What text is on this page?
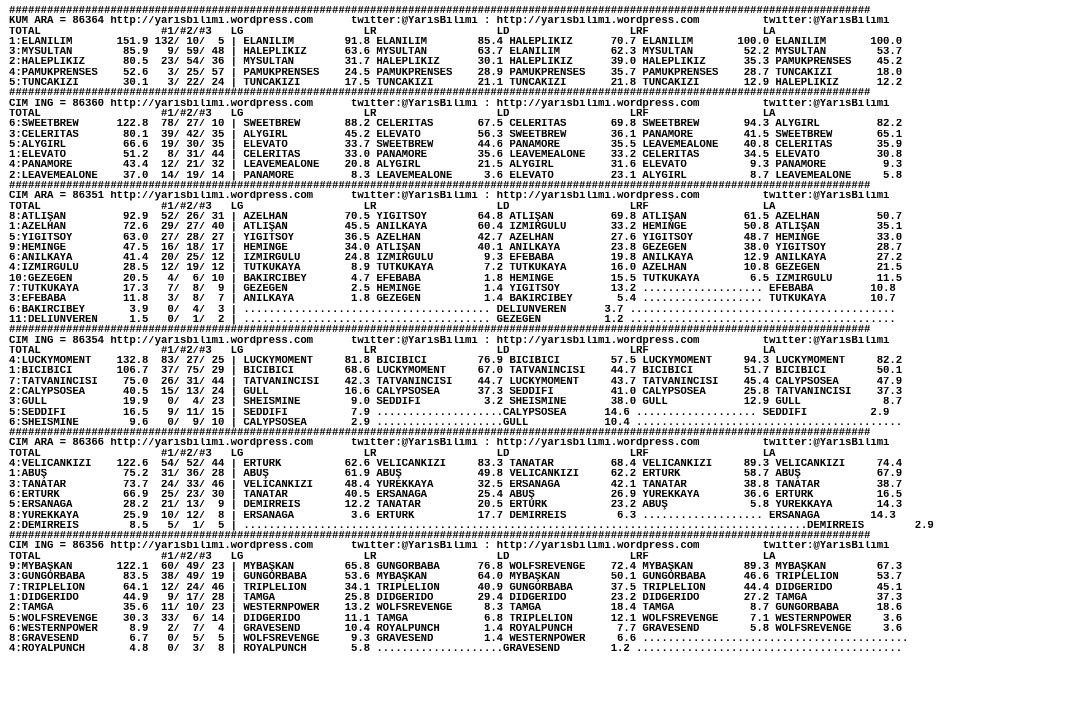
########################################################################################################################################
KUM ARA = 86364 http://yarisbilimi.wordpress.com      twitter:@YarisBilimi : http://yarisbilimi.wordpress.com          twitter:@YarisBilimi
TOTAL                   #1/#2/#3   LG                   LR                   LD                   LRF                  LA
1:ELANİLİM       151.9 132/ 10/  5 | ELANİLİM        91.8 ELANİLİM        85.4 HALEPLİKIZ      70.7 ELANİLİM       100.0 ELANİLİM       100.0
3:MYSULTAN        85.9   9/ 59/ 48 | HALEPLİKIZ      63.6 MYSULTAN        63.7 ELANİLİM        62.3 MYSULTAN        52.2 MYSULTAN        53.7
2:HALEPLİKIZ      80.5  23/ 54/ 36 | MYSULTAN        31.7 HALEPLİKIZ      30.1 HALEPLİKIZ      39.0 HALEPLİKIZ      35.3 PAMUKPRENSES    45.2
4:PAMUKPRENSES    52.6   3/ 25/ 57 | PAMUKPRENSES    24.5 PAMUKPRENSES    28.9 PAMUKPRENSES    35.7 PAMUKPRENSES    28.7 TUNCAKIZI       18.0
5:TUNCAKIZI       30.1   3/ 22/ 24 | TUNCAKIZI       17.5 TUNCAKIZI       21.1 TUNCAKIZI       21.8 TUNCAKIZI       12.9 HALEPLİKIZ      12.2
########################################################################################################################################
CIM ING = 86360 http://yarisbilimi.wordpress.com      twitter:@YarisBilimi : http://yarisbilimi.wordpress.com          twitter:@YarisBilimi
TOTAL                   #1/#2/#3   LG                   LR                   LD                   LRF                  LA
6:SWEETBREW      122.8  78/ 27/ 10 | SWEETBREW       88.2 CELERITAS       67.5 CELERITAS       69.8 SWEETBREW       94.3 ALYGIRL         82.2
3:CELERITAS       80.1  39/ 42/ 35 | ALYGIRL         45.2 ELEVATO         56.3 SWEETBREW       36.1 PANAMORE        41.5 SWEETBREW       65.1
5:ALYGIRL         66.6  19/ 30/ 35 | ELEVATO         33.7 SWEETBREW       44.6 PANAMORE        35.5 LEAVEMEALONE    40.8 CELERITAS       35.9
1:ELEVATO         51.2   8/ 31/ 44 | CELERITAS       33.0 PANAMORE        35.6 LEAVEMEALONE    33.2 CELERITAS       34.5 ELEVATO         30.8
4:PANAMORE        43.4  12/ 21/ 32 | LEAVEMEALONE    20.8 ALYGIRL         21.5 ALYGIRL         31.6 ELEVATO          9.3 PANAMORE         9.3
2:LEAVEMEALONE    37.0  14/ 19/ 14 | PANAMORE         8.3 LEAVEMEALONE     3.6 ELEVATO         23.1 ALYGIRL          8.7 LEAVEMEALONE     5.8
########################################################################################################################################
CIM ARA = 86351 http://yarisbilimi.wordpress.com      twitter:@YarisBilimi : http://yarisbilimi.wordpress.com          twitter:@YarisBilimi
TOTAL                   #1/#2/#3   LG                   LR                   LD                   LRF                  LA
8:ATLIŞAN         92.9  52/ 26/ 31 | AZELHAN         70.5 YİĞİTSOY        64.8 ATLIŞAN         69.8 ATLIŞAN         61.5 AZELHAN         50.7
1:AZELHAN         72.6  29/ 27/ 40 | ATLIŞAN         45.5 ANILKAYA        60.4 İZMİRGÜLÜ       33.2 HEMİNGE         50.8 ATLIŞAN         35.1
5:YİĞİTSOY        63.0  27/ 28/ 27 | YİĞİTSOY        36.5 AZELHAN         42.7 AZELHAN         27.6 YİĞİTSOY        48.7 HEMİNGE         33.0
9:HEMİNGE         47.5  16/ 18/ 17 | HEMİNGE         34.0 ATLIŞAN         40.1 ANILKAYA        23.8 GEZEGEN         38.0 YİĞİTSOY        28.7
6:ANILKAYA        41.4  20/ 25/ 12 | İZMİRGÜLÜ       24.8 İZMİRGÜLÜ        9.3 EFEBABA         19.8 ANILKAYA        12.9 ANILKAYA        27.2
4:İZMİRGÜLÜ       28.5  12/ 19/ 12 | TUTKUKAYA        8.9 TUTKUKAYA        7.2 TUTKUKAYA       16.0 AZELHAN         10.8 GEZEGEN         21.5
10:GEZEGEN        20.5   4/  6/ 10 | BAKIRCIBEY       4.7 EFEBABA          1.8 HEMİNGE         15.5 TUTKUKAYA        6.5 İZMİRGÜLÜ       11.5
7:TUTKUKAYA       17.3   7/  8/  9 | GEZEGEN          2.5 HEMİNGE          1.4 YİĞİTSOY        13.2 ................... EFEBABA         10.8
3:EFEBABA         11.8   3/  8/  7 | ANILKAYA         1.8 GEZEGEN          1.4 BAKIRCIBEY       5.4 ................... TUTKUKAYA       10.7
6:BAKIRCIBEY       3.9   0/  4/  3 | ....................................... DELİÜNVEREN      3.7 ..........................................
11:DELİÜNVEREN     1.5   0/  1/  2 | ....................................... GEZEGEN          1.2 ..........................................
########################################################################################################################################
CIM ING = 86354 http://yarisbilimi.wordpress.com      twitter:@YarisBilimi : http://yarisbilimi.wordpress.com          twitter:@YarisBilimi
TOTAL                   #1/#2/#3   LG                   LR                   LD                   LRF                  LA
4:LUCKYMOMENT    132.8  83/ 27/ 25 | LUCKYMOMENT     81.8 BİCİBİCİ        76.9 BİCİBİCİ        57.5 LUCKYMOMENT     94.3 LUCKYMOMENT     82.2
1:BİCİBİCİ       106.7  37/ 75/ 29 | BİCİBİCİ        68.6 LUCKYMOMENT     67.0 TATVANİNCİSİ    44.7 BİCİBİCİ        51.7 BİCİBİCİ        50.1
7:TATVANİNCİSİ    75.0  26/ 31/ 44 | TATVANİNCİSİ    42.3 TATVANİNCİSİ    44.7 LUCKYMOMENT     43.7 TATVANİNCİSİ    45.4 CALYPSOSEA      47.9
2:CALYPSOSEA      40.5  15/ 13/ 24 | GULL            16.6 CALYPSOSEA      37.3 SEDDİFİ         41.0 CALYPSOSEA      25.8 TATVANİNCİSİ    37.3
3:GULL            19.9   0/  4/ 23 | SHEISMINE        9.0 SEDDİFİ          3.2 SHEISMINE       38.0 GULL            12.9 GULL             8.7
5:SEDDİFİ         16.5   9/ 11/ 15 | SEDDİFİ          7.9 ....................CALYPSOSEA      14.6 ................... SEDDİFİ          2.9
6:SHEISMINE        9.6   0/  9/ 10 | CALYPSOSEA       2.9 ....................GULL            10.4 ..........................................
########################################################################################################################################
CIM ARA = 86366 http://yarisbilimi.wordpress.com      twitter:@YarisBilimi : http://yarisbilimi.wordpress.com          twitter:@YarisBilimi
TOTAL                   #1/#2/#3   LG                   LR                   LD                   LRF                  LA
4:VELİCANKIZI    122.6  54/ 52/ 44 | ERTÜRK          62.6 VELİCANKIZI     83.3 TANATAR         68.4 VELİCANKIZI     89.3 VELİCANKIZI     74.4
1:ABUŞ            75.2  31/ 36/ 28 | ABUŞ            61.9 ABUŞ            49.8 VELİCANKIZI     62.2 ERTÜRK          58.7 ABUŞ            67.9
3:TANATAR         73.7  24/ 33/ 46 | VELİCANKIZI     48.4 YÜREKKAYA       32.5 ERSANAĞA        42.1 TANATAR         38.8 TANATAR         38.7
6:ERTÜRK          66.9  25/ 23/ 30 | TANATAR         40.5 ERSANAĞA        25.4 ABUŞ            26.9 YÜREKKAYA       36.6 ERTÜRK          16.5
5:ERSANAĞA        28.2  21/ 13/  9 | DEMİRREİS       12.2 TANATAR         20.5 ERTÜRK          23.2 ABUŞ             5.8 YÜREKKAYA       14.3
8:YÜREKKAYA       25.9  10/ 12/  8 | ERSANAĞA         3.6 ERTÜRK          17.7 DEMİRREİS        6.3 ................... ERSANAĞA        14.3
2:DEMİRREİS        8.5   5/  1/  5 | .........................................................................................DEMİRREİS        2.9
########################################################################################################################################
CIM ING = 86356 http://yarisbilimi.wordpress.com      twitter:@YarisBilimi : http://yarisbilimi.wordpress.com          twitter:@YarisBilimi
TOTAL                   #1/#2/#3   LG                   LR                   LD                   LRF                  LA
9:MYBAŞKAN       122.1  60/ 49/ 23 | MYBAŞKAN        65.8 GÜNGÖRBABA      76.8 WOLFSREVENGE    72.4 MYBAŞKAN        89.3 MYBAŞKAN        67.3
3:GÜNGÖRBABA      83.5  38/ 49/ 19 | GÜNGÖRBABA      53.6 MYBAŞKAN        64.0 MYBAŞKAN        50.1 GÜNGÖRBABA      46.6 TRIPLELION      53.7
7:TRIPLELION      64.1  12/ 24/ 46 | TRIPLELION      34.1 TRIPLELION      40.9 GÜNGÖRBABA      37.5 TRIPLELION      44.4 DIDGERIDO       45.1
1:DIDGERIDO       44.9   9/ 17/ 28 | TAMGA           25.8 DIDGERIDO       29.4 DIDGERIDO       23.2 DIDGERIDO       27.2 TAMGA           37.3
2:TAMGA           35.6  11/ 10/ 23 | WESTERNPOWER    13.2 WOLFSREVENGE     8.3 TAMGA           18.4 TAMGA            8.7 GÜNGÖRBABA      18.6
5:WOLFSREVENGE    30.3  33/  6/ 14 | DIDGERIDO       11.1 TAMGA            6.8 TRIPLELION      12.1 WOLFSREVENGE     7.1 WESTERNPOWER     3.6
6:WESTERNPOWER     8.9   2/  7/  4 | GRAVESEND       10.4 ROYALPUNCH       1.4 ROYALPUNCH       7.7 GRAVESEND        5.8 WOLFSREVENGE     3.6
8:GRAVESEND        6.7   0/  5/  5 | WOLFSREVENGE     9.3 GRAVESEND        1.4 WESTERNPOWER     6.6 ..........................................
4:ROYALPUNCH       4.8   0/  3/  8 | ROYALPUNCH       5.8 ....................GRAVESEND        1.2 ..........................................
